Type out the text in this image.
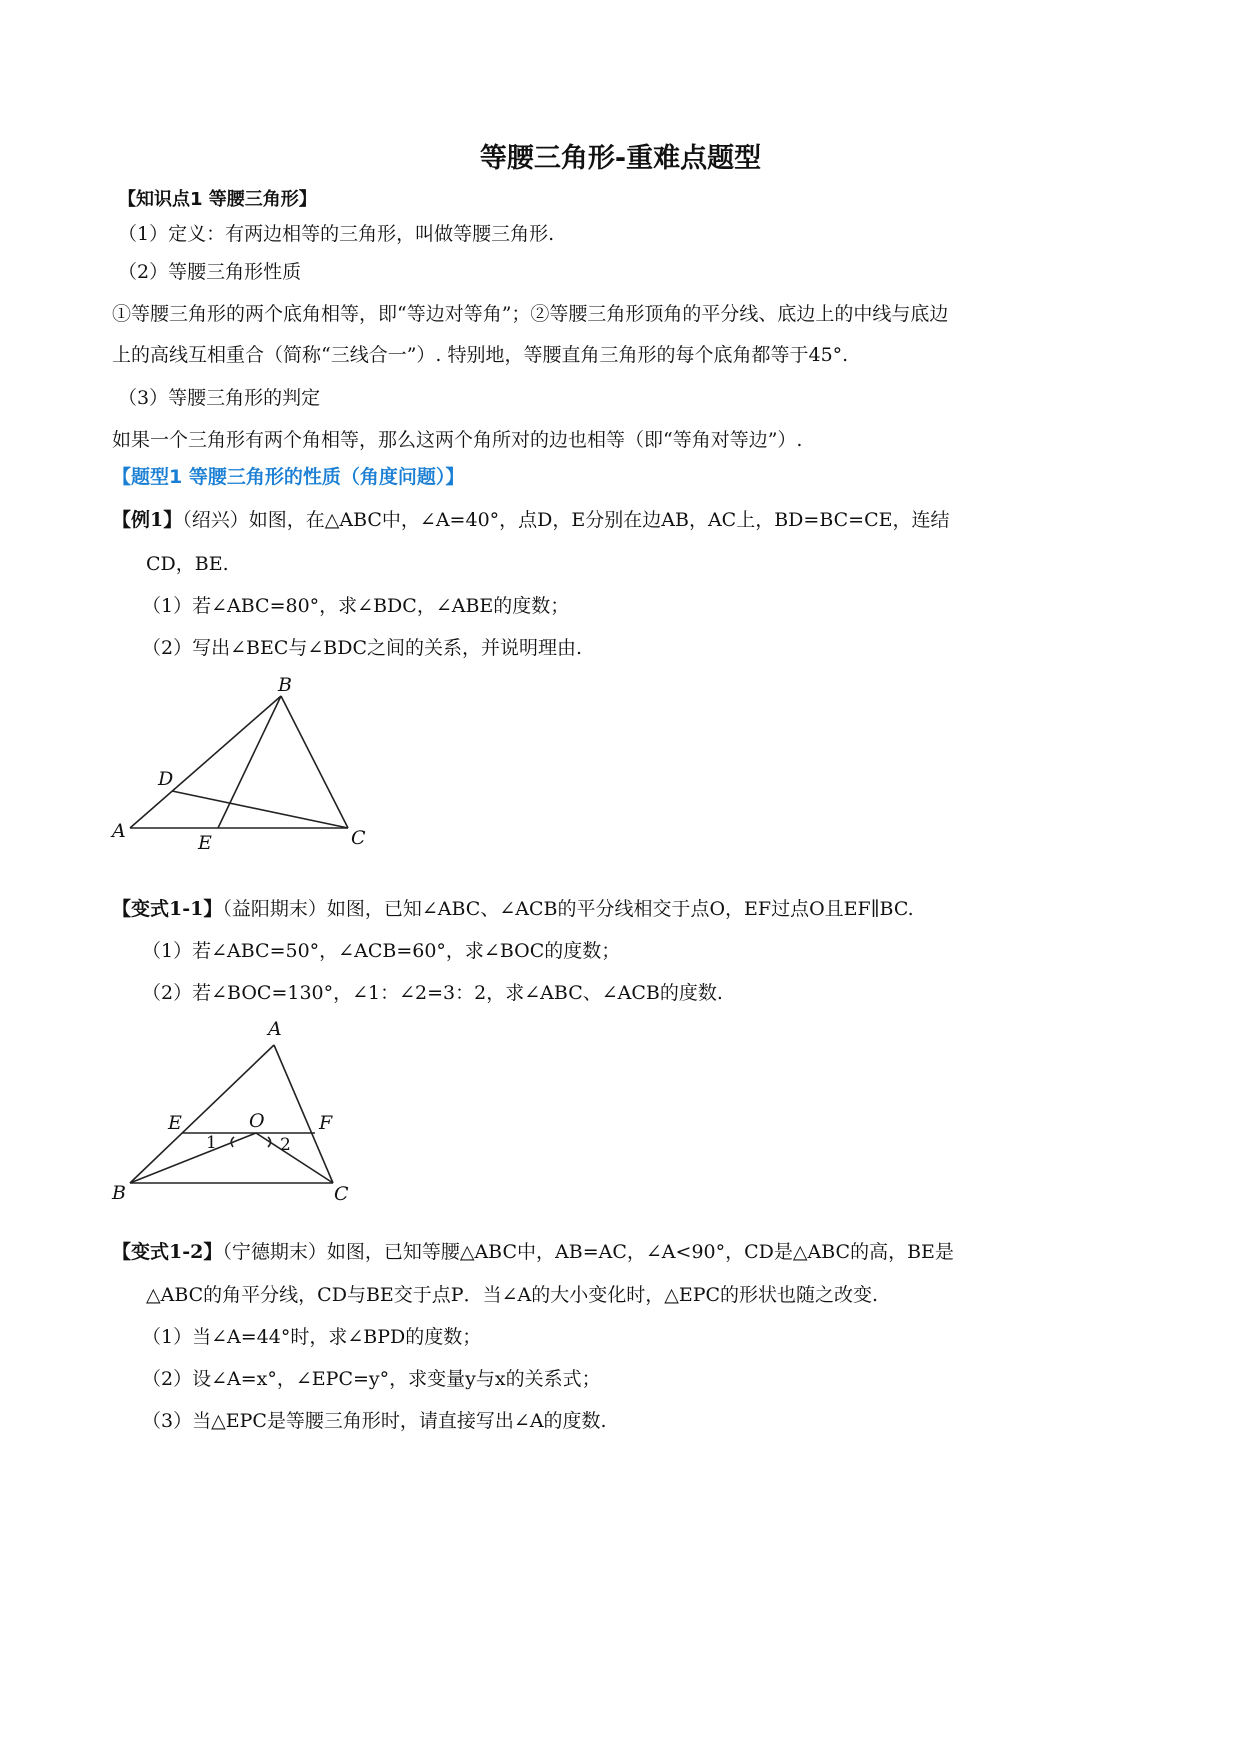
等腰三角形-重难点题型
【知识点1 等腰三角形】
（1）定义：有两边相等的三角形，叫做等腰三角形.
（2）等腰三角形性质
①等腰三角形的两个底角相等，即“等边对等角”；②等腰三角形顶角的平分线、底边上的中线与底边
上的高线互相重合（简称“三线合一”）. 特别地，等腰直角三角形的每个底角都等于45°.
（3）等腰三角形的判定
如果一个三角形有两个角相等，那么这两个角所对的边也相等（即“等角对等边”）.
【题型1 等腰三角形的性质（角度问题）】
【例1】（绍兴）如图，在△ABC中，∠A=40°，点D，E分别在边AB，AC上，BD=BC=CE，连结
CD，BE.
（1）若∠ABC=80°，求∠BDC，∠ABE的度数；
（2）写出∠BEC与∠BDC之间的关系，并说明理由.
B
D
A
E	C
【变式1-1】（益阳期末）如图，已知∠ABC、∠ACB的平分线相交于点O，EF过点O且EF∥BC.
（1）若∠ABC=50°，∠ACB=60°，求∠BOC的度数；
（2）若∠BOC=130°，∠1：∠2=3：2，求∠ABC、∠ACB的度数.
A
E	O	F
1	2
B	C
【变式1-2】（宁德期末）如图，已知等腰△ABC中，AB=AC，∠A<90°，CD是△ABC的高，BE是
△ABC的角平分线，CD与BE交于点P．当∠A的大小变化时，△EPC的形状也随之改变.
（1）当∠A=44°时，求∠BPD的度数；
（2）设∠A=x°，∠EPC=y°，求变量y与x的关系式；
（3）当△EPC是等腰三角形时，请直接写出∠A的度数.
